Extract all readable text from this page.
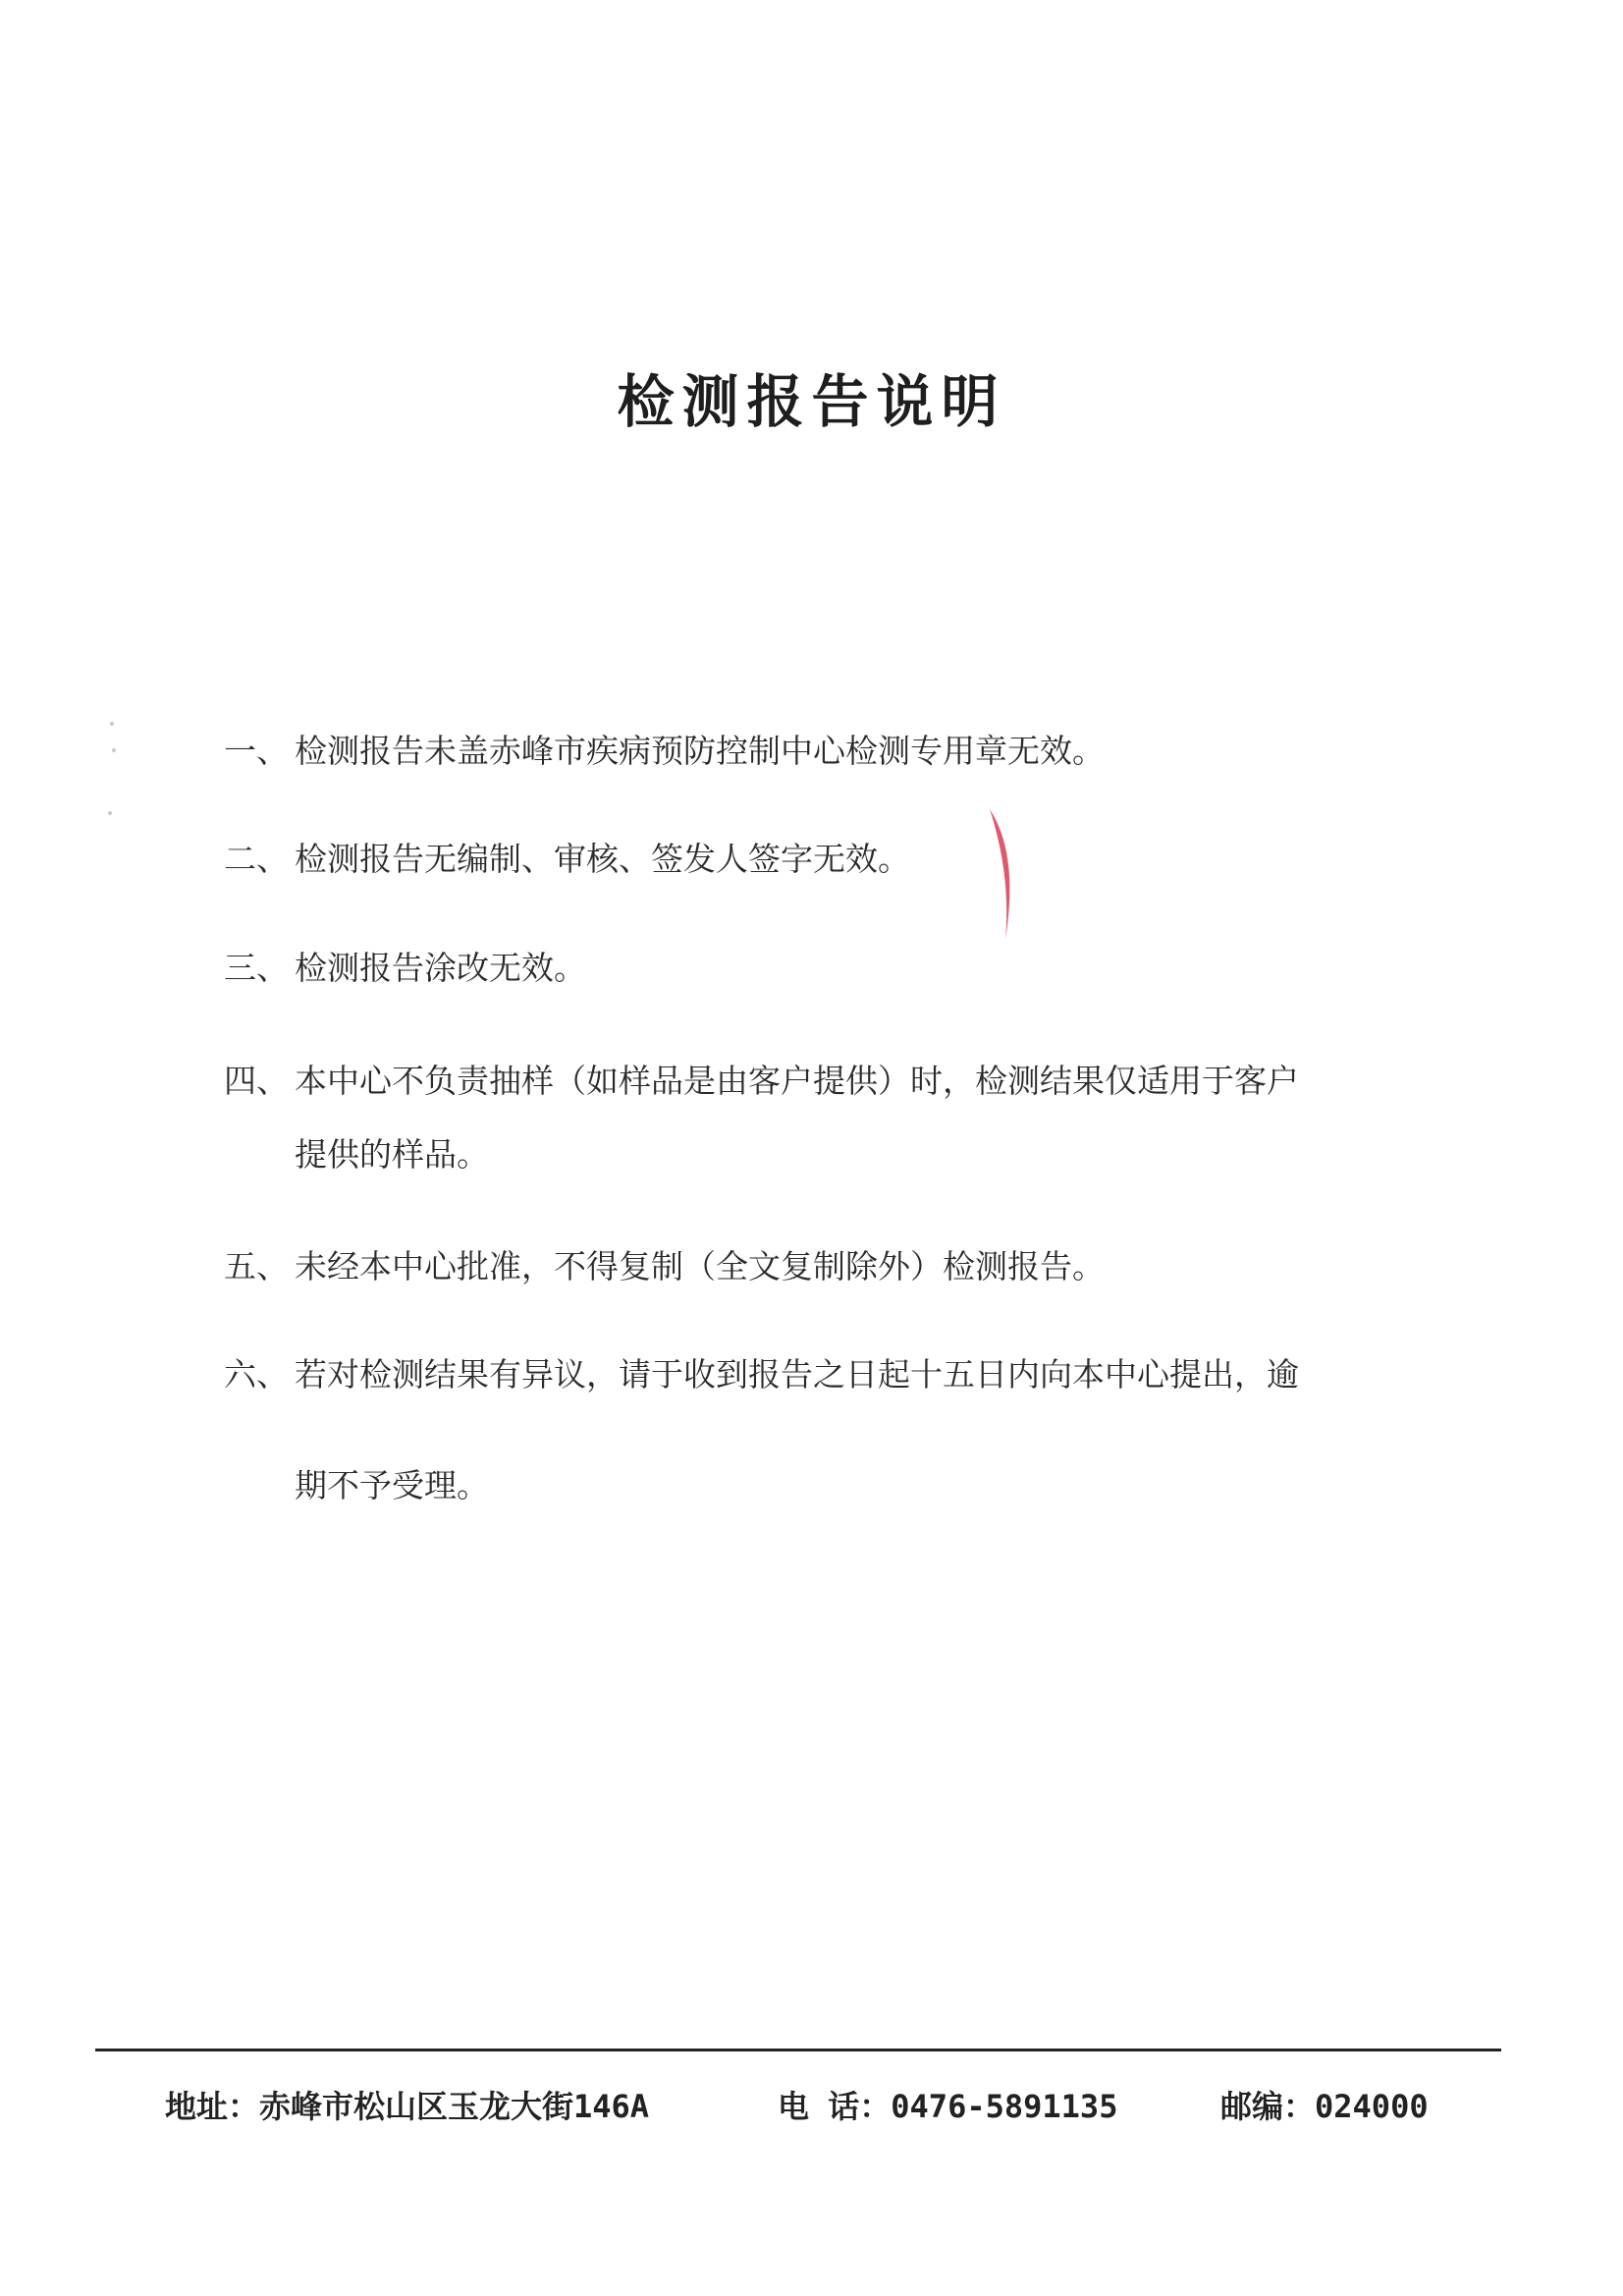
检测报告说明
一、 检测报告未盖赤峰市疾病预防控制中心检测专用章无效。
二、 检测报告无编制、审核、签发人签字无效。
三、 检测报告涂改无效。
四、 本中心不负责抽样（如样品是由客户提供）时，检测结果仅适用于客户
提供的样品。
五、 未经本中心批准，不得复制（全文复制除外）检测报告。
六、 若对检测结果有异议，请于收到报告之日起十五日内向本中心提出，逾
期不予受理。
地址：赤峰市松山区玉龙大街146A	电 话：0476-5891135	邮编：024000
